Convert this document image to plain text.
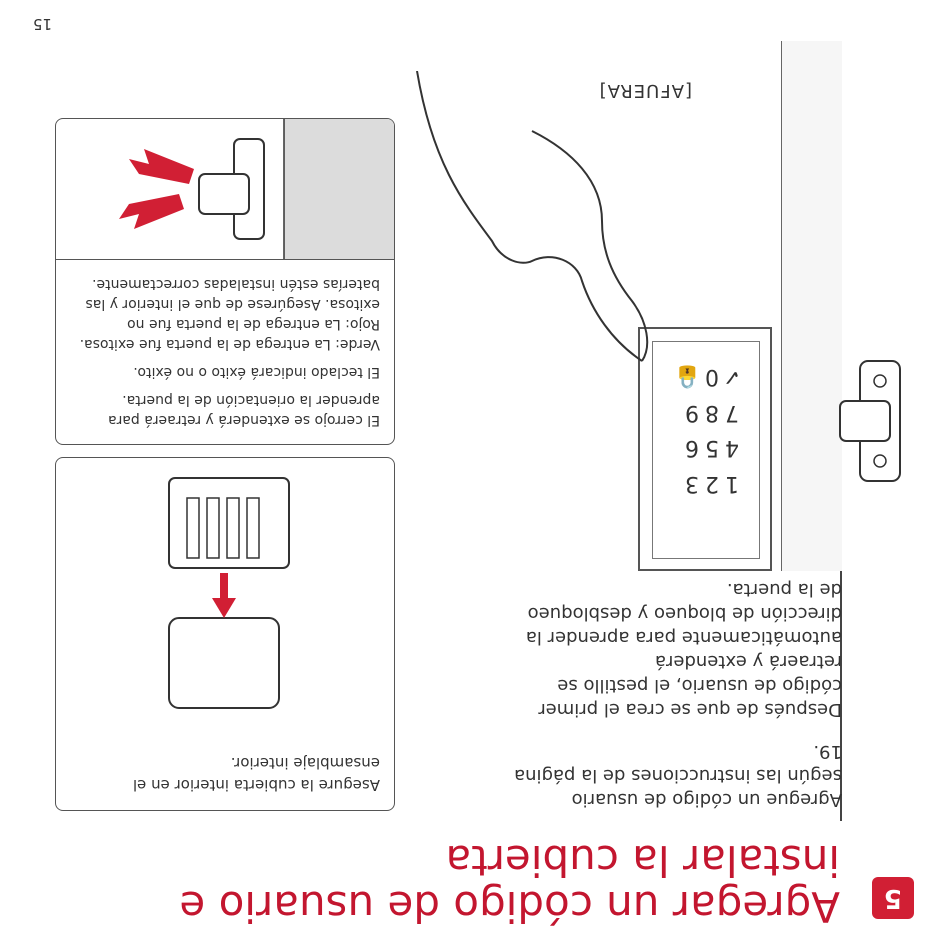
5
Agregar un código de usuario e instalar la cubierta

Agregue un código de usuario según las instrucciones de la página 19.

Después de que se crea el primer código de usuario, el pestillo se retraerá y extenderá automáticamente para aprender la dirección de bloqueo y desbloqueo de la puerta.

1
2
3
4
5
6
7
8
9
✓
0
🔒
[AFUERA]
Asegure la cubierta interior en el ensamblaje interior.
El cerrojo se extenderá y retraerá para aprender la orientación de la puerta.
El teclado indicará éxito o no éxito.
Verde: La entrega de la puerta fue exitosa.
Rojo: La entrega de la puerta fue no exitosa. Asegúrese de que el interior y las baterías estén instaladas correctamente.
15
